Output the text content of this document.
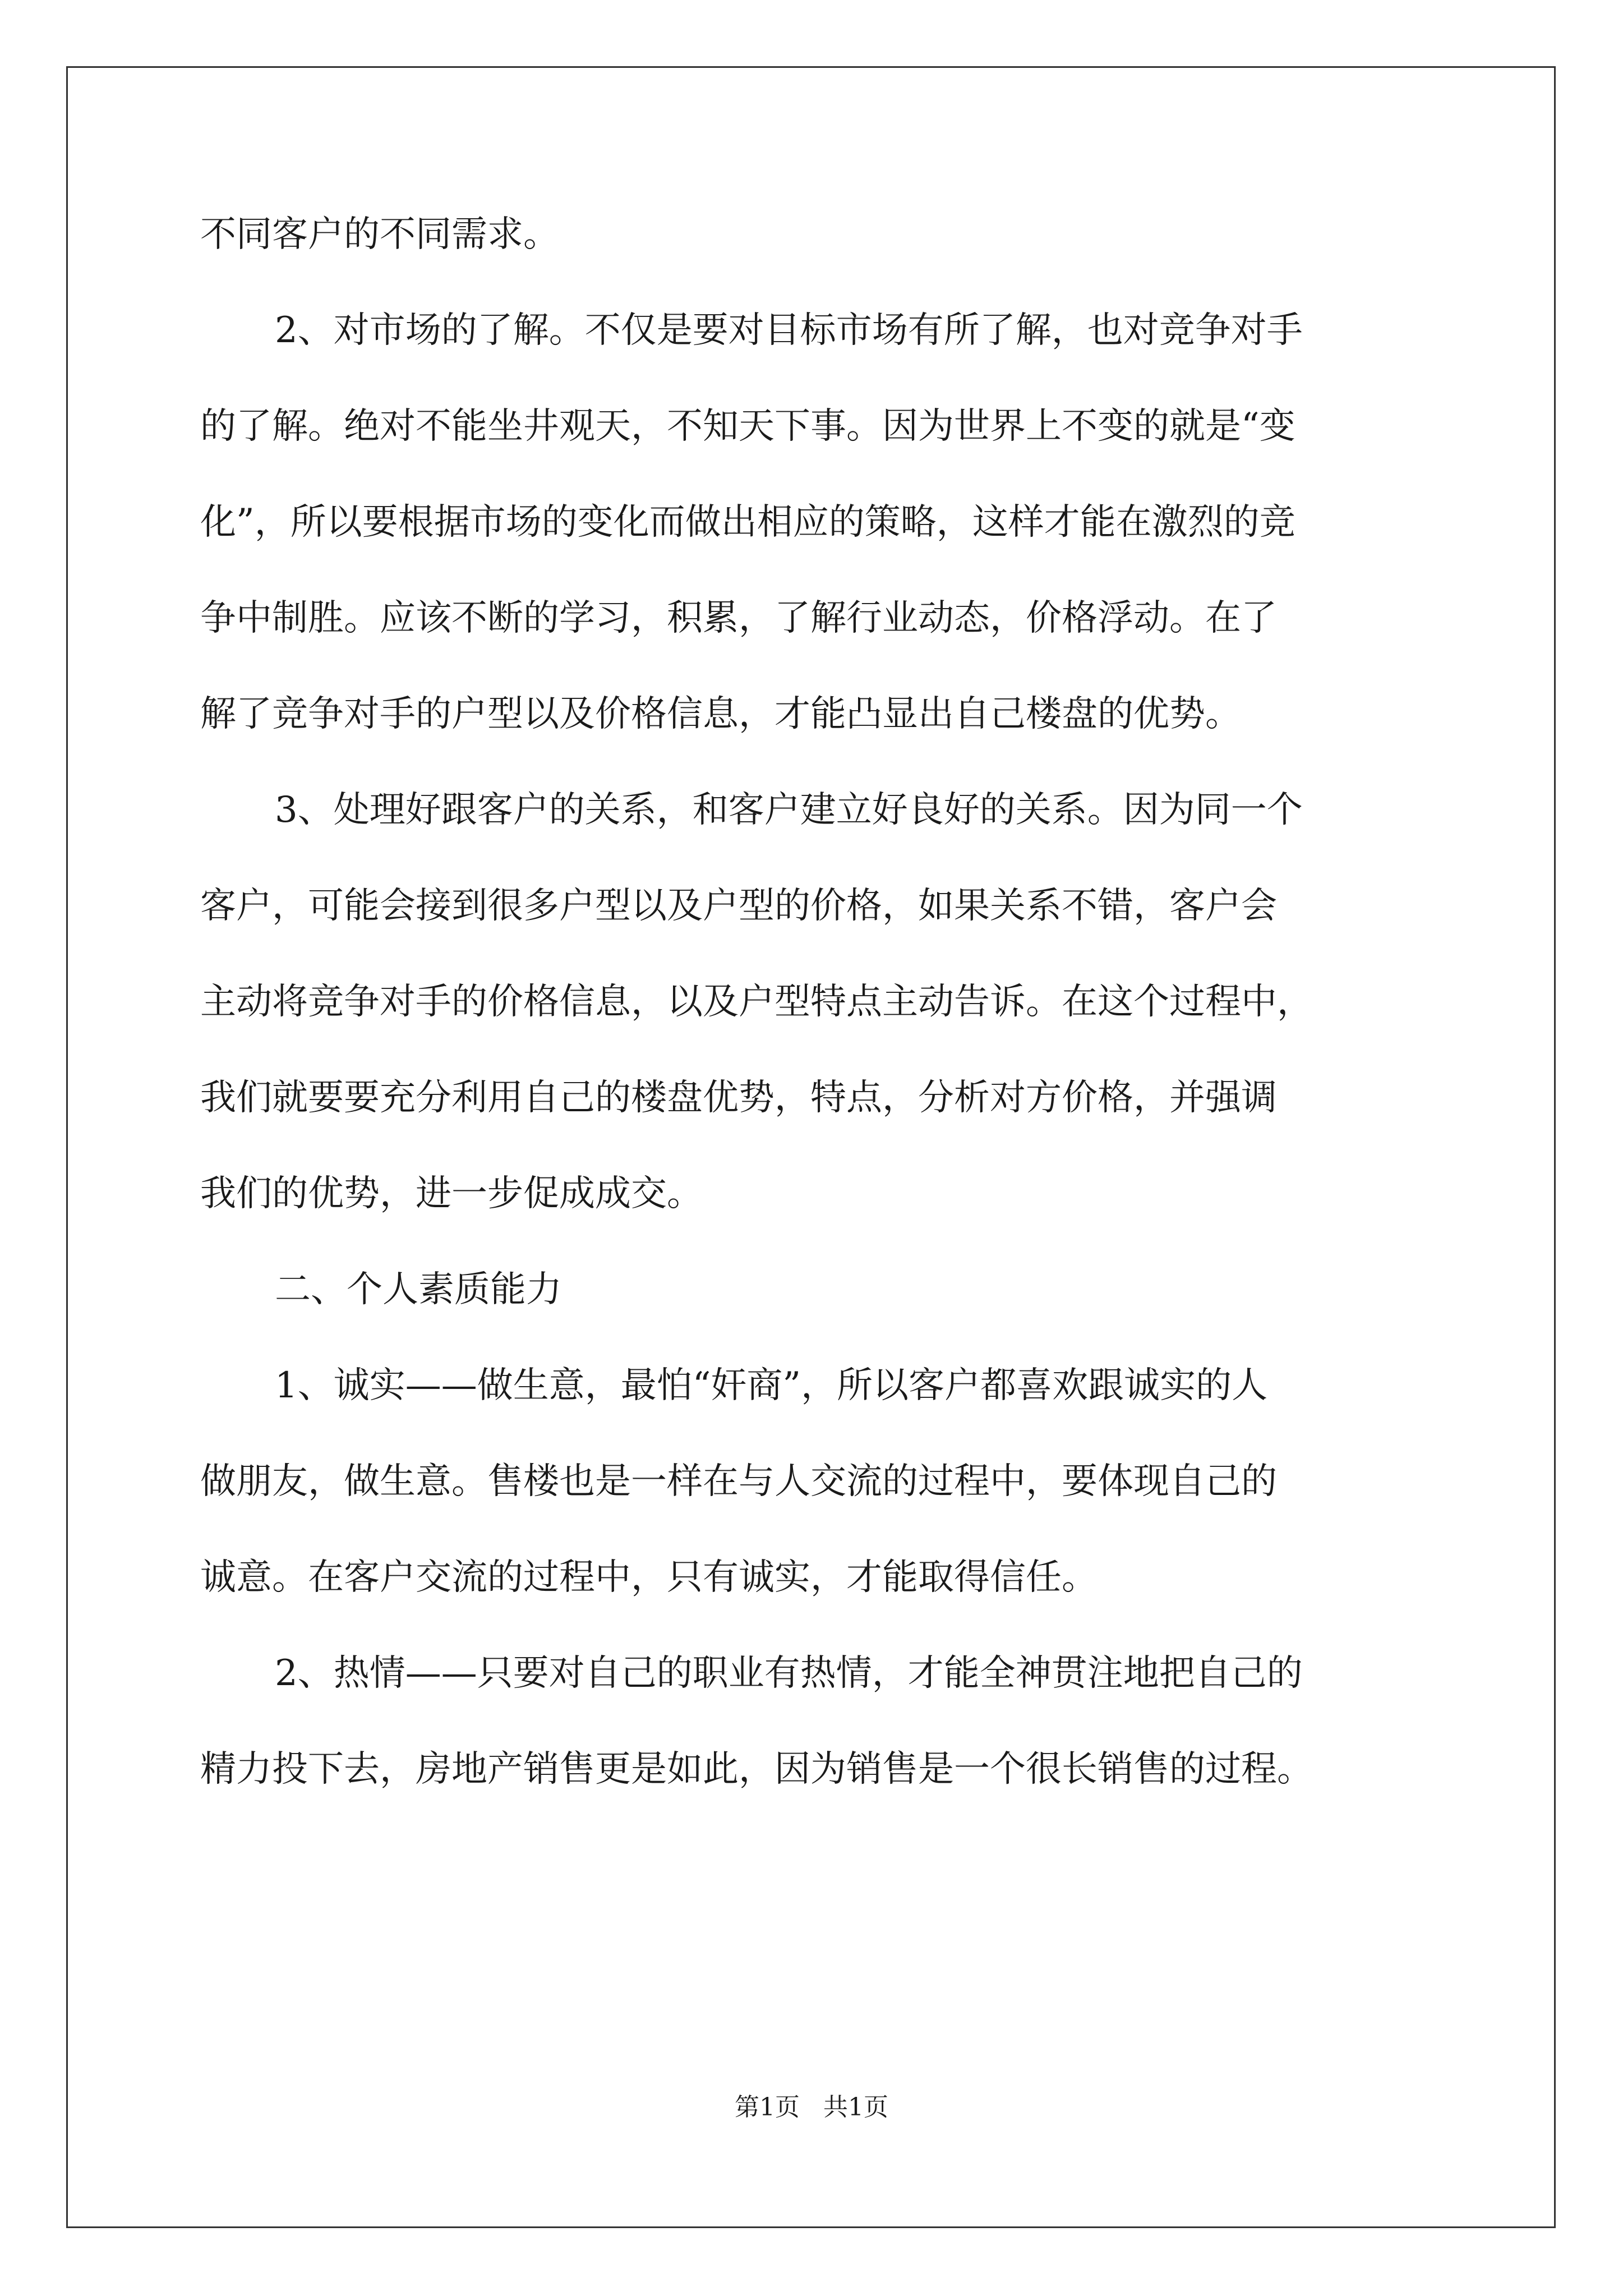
不同客户的不同需求。
2、对市场的了解。不仅是要对目标市场有所了解，也对竞争对手
的了解。绝对不能坐井观天，不知天下事。因为世界上不变的就是“变
化”，所以要根据市场的变化而做出相应的策略，这样才能在激烈的竞
争中制胜。应该不断的学习，积累，了解行业动态，价格浮动。在了
解了竞争对手的户型以及价格信息，才能凸显出自己楼盘的优势。
3、处理好跟客户的关系，和客户建立好良好的关系。因为同一个
客户，可能会接到很多户型以及户型的价格，如果关系不错，客户会
主动将竞争对手的价格信息，以及户型特点主动告诉。在这个过程中，
我们就要要充分利用自己的楼盘优势，特点，分析对方价格，并强调
我们的优势，进一步促成成交。
二、个人素质能力
1、诚实——做生意，最怕“奸商”，所以客户都喜欢跟诚实的人
做朋友，做生意。售楼也是一样在与人交流的过程中，要体现自己的
诚意。在客户交流的过程中，只有诚实，才能取得信任。
2、热情——只要对自己的职业有热情，才能全神贯注地把自己的
精力投下去，房地产销售更是如此，因为销售是一个很长销售的过程。
第1页   共1页
